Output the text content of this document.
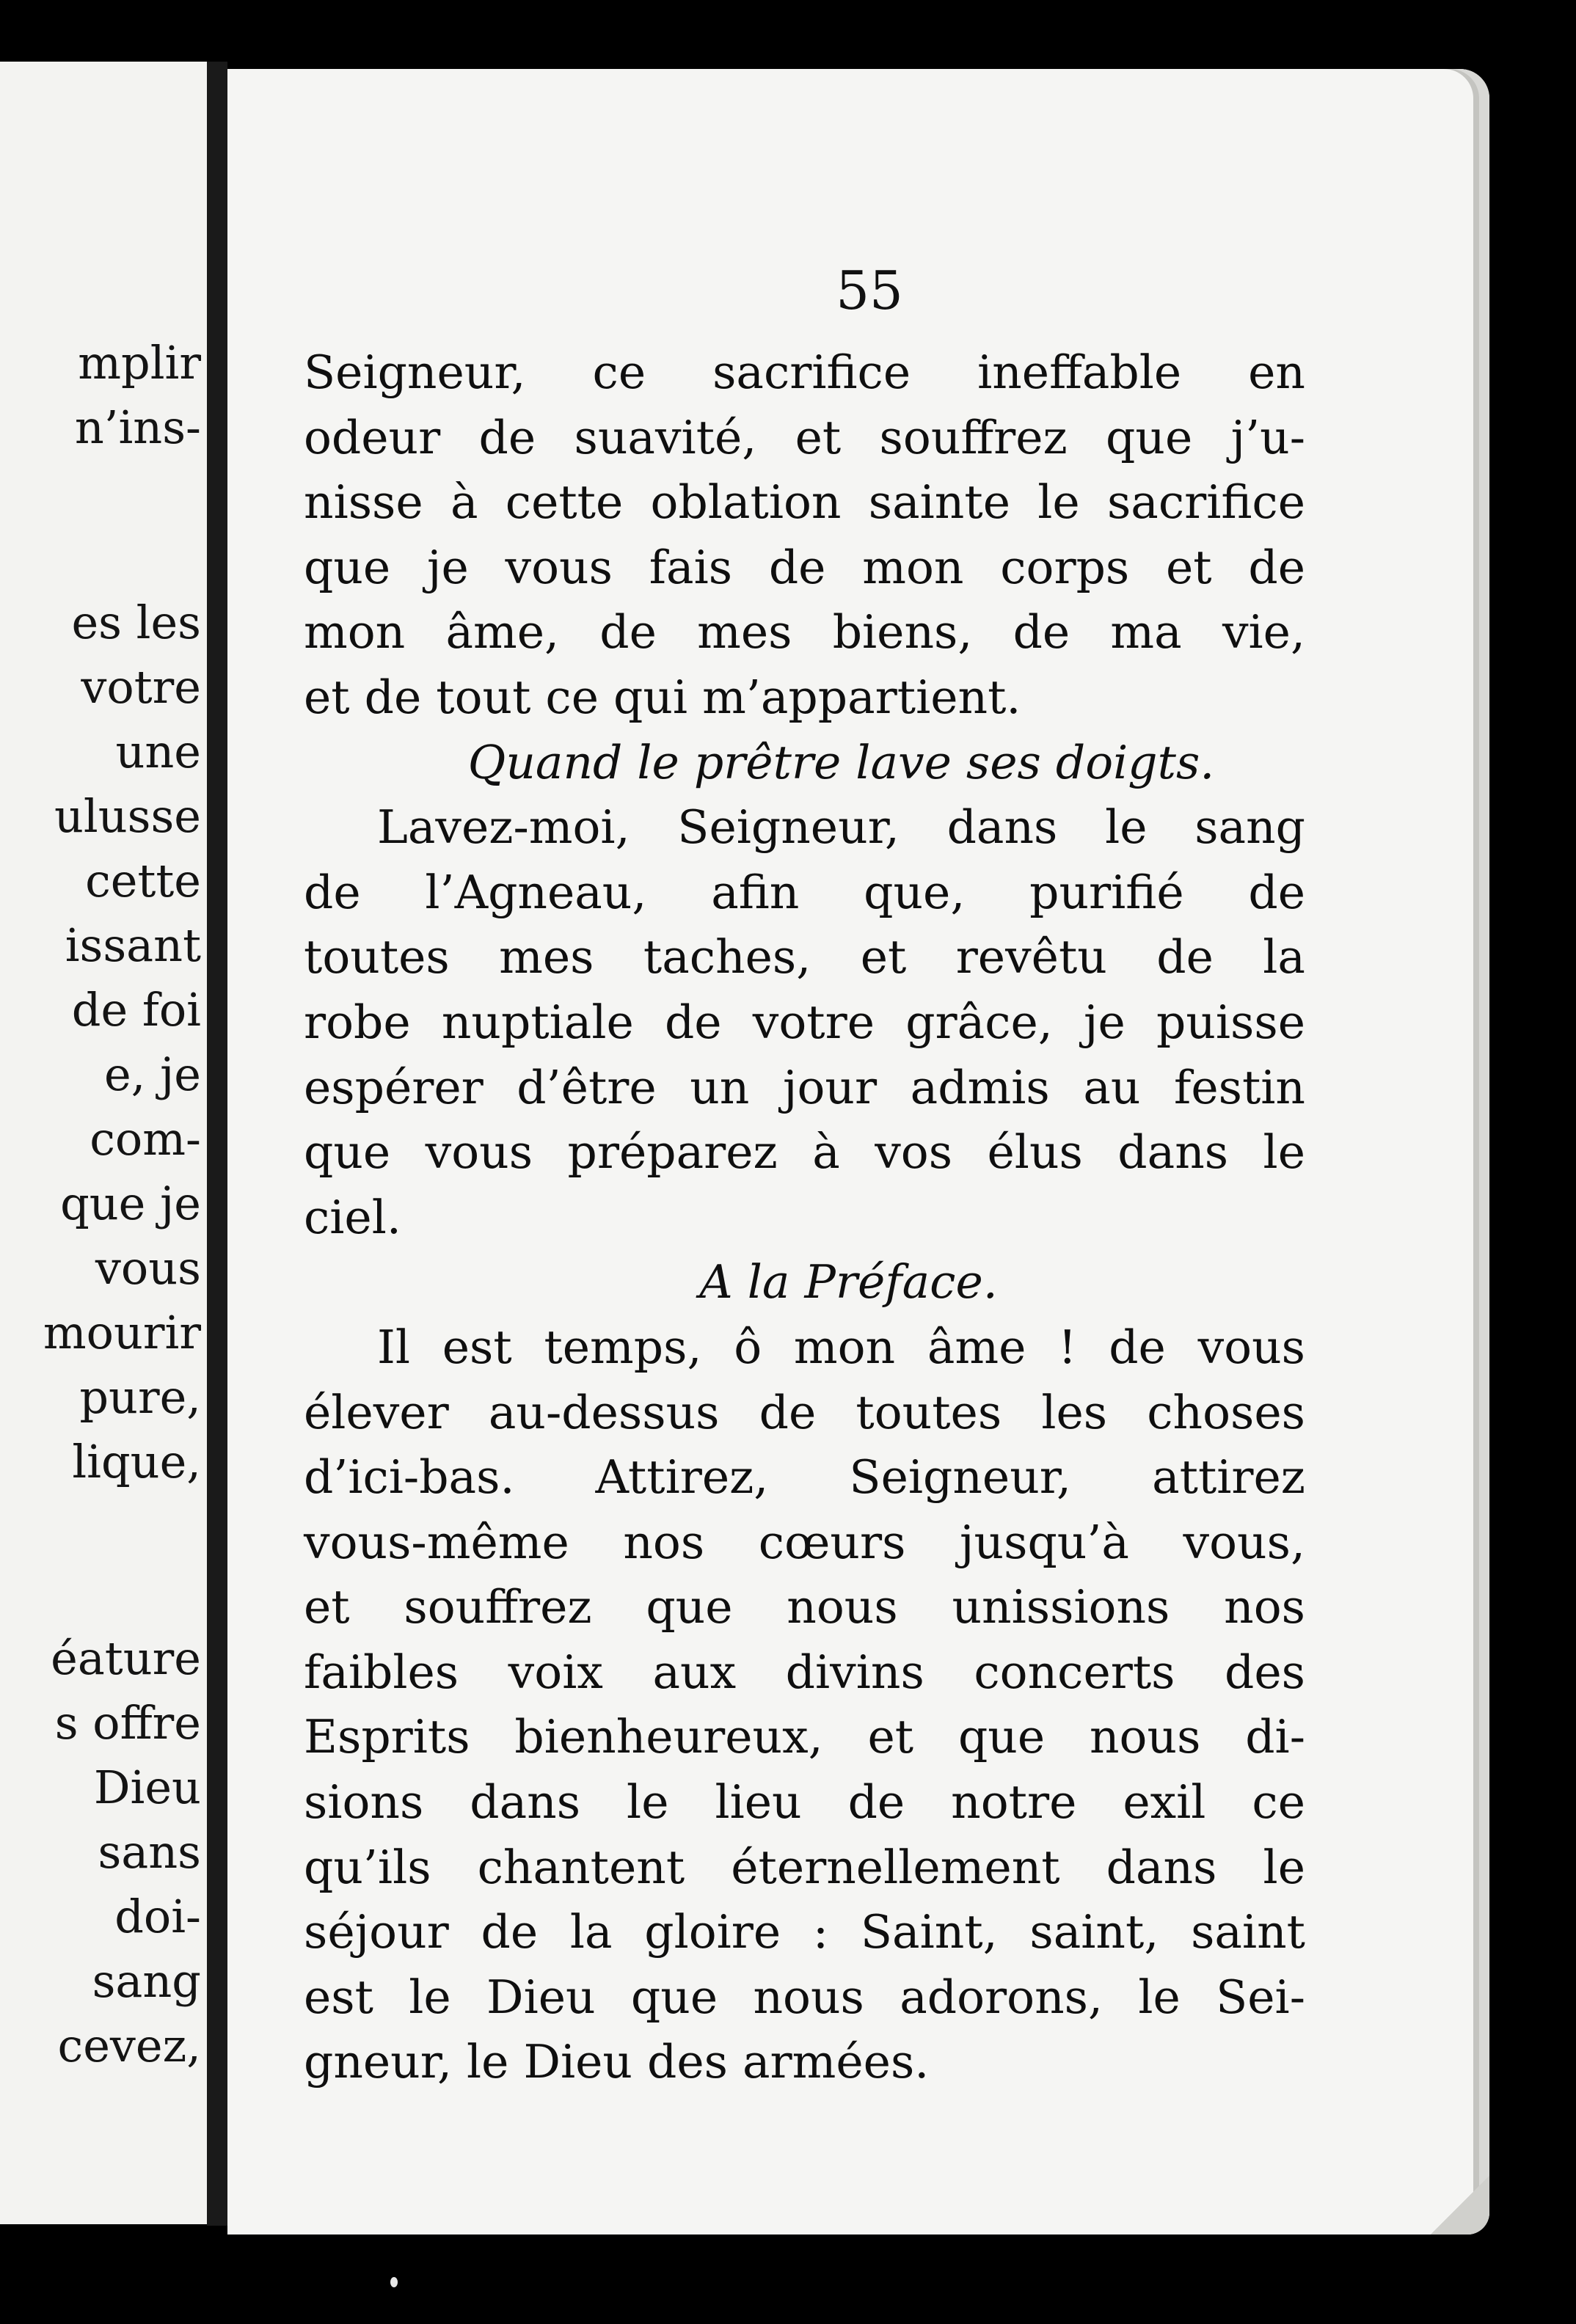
mplir
n’ins-
es les
votre
une
ulusse
cette
issant
de foi
e, je
com-
que je
vous
mourir
pure,
lique,
éature
s offre
Dieu
sans
doi-
sang
cevez,
55
Seigneur, ce sacrifice ineffable en
odeur de suavité, et souffrez que j’u-
nisse à cette oblation sainte le sacrifice
que je vous fais de mon corps et de
mon âme, de mes biens, de ma vie,
et de tout ce qui m’appartient.
Quand le prêtre lave ses doigts.
Lavez-moi, Seigneur, dans le sang
de l’Agneau, afin que, purifié de
toutes mes taches, et revêtu de la
robe nuptiale de votre grâce, je puisse
espérer d’être un jour admis au festin
que vous préparez à vos élus dans le
ciel.
A la Préface.
Il est temps, ô mon âme ! de vous
élever au-dessus de toutes les choses
d’ici-bas. Attirez, Seigneur, attirez
vous-même nos cœurs jusqu’à vous,
et souffrez que nous unissions nos
faibles voix aux divins concerts des
Esprits bienheureux, et que nous di-
sions dans le lieu de notre exil ce
qu’ils chantent éternellement dans le
séjour de la gloire : Saint, saint, saint
est le Dieu que nous adorons, le Sei-
gneur, le Dieu des armées.
